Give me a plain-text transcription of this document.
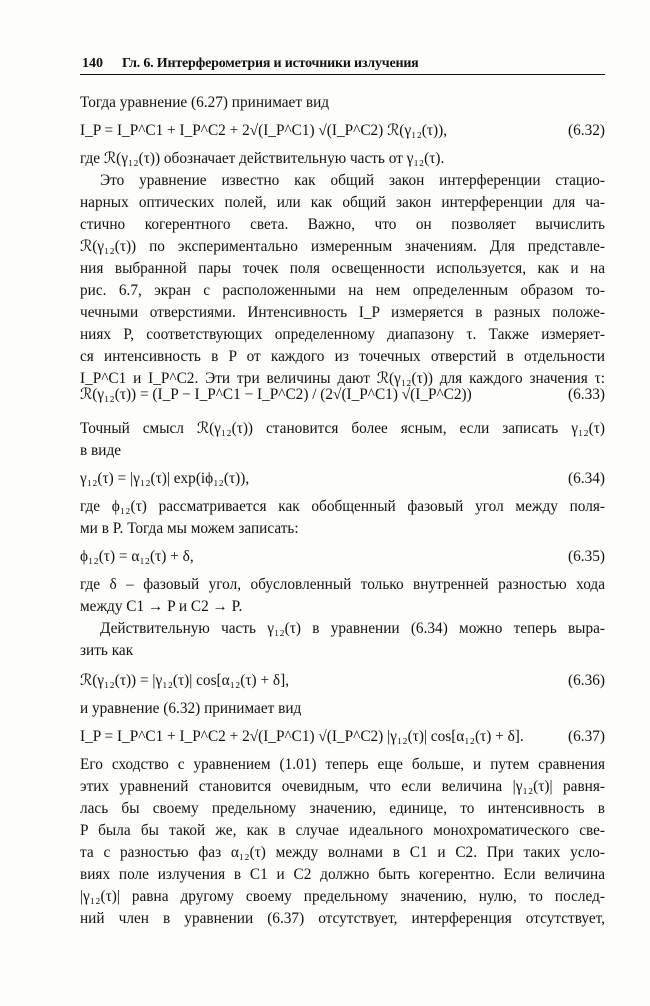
140 Гл. 6. Интерферометрия и источники излучения
Тогда уравнение (6.27) принимает вид
I_P = I_P^C1 + I_P^C2 + 2√(I_P^C1) √(I_P^C2) ℛ(γ₁₂(τ)),	(6.32)
где ℛ(γ₁₂(τ)) обозначает действительную часть от γ₁₂(τ).
Это уравнение известно как общий закон интерференции стацио-
нарных оптических полей, или как общий закон интерференции для ча-
стично когерентного света. Важно, что он позволяет вычислить
ℛ(γ₁₂(τ)) по экспериментально измеренным значениям. Для представле-
ния выбранной пары точек поля освещенности используется, как и на
рис. 6.7, экран с расположенными на нем определенным образом то-
чечными отверстиями. Интенсивность I_P измеряется в разных положе-
ниях P, соответствующих определенному диапазону τ. Также измеряет-
ся интенсивность в P от каждого из точечных отверстий в отдельности
I_P^C1 и I_P^C2. Эти три величины дают ℛ(γ₁₂(τ)) для каждого значения τ:
ℛ(γ₁₂(τ)) = (I_P − I_P^C1 − I_P^C2) / (2√(I_P^C1) √(I_P^C2))	(6.33)
Точный смысл ℛ(γ₁₂(τ)) становится более ясным, если записать γ₁₂(τ)
в виде
γ₁₂(τ) = |γ₁₂(τ)| exp(iϕ₁₂(τ)),	(6.34)
где ϕ₁₂(τ) рассматривается как обобщенный фазовый угол между поля-
ми в P. Тогда мы можем записать:
ϕ₁₂(τ) = α₁₂(τ) + δ,	(6.35)
где δ – фазовый угол, обусловленный только внутренней разностью хода
между C1 → P и C2 → P.
Действительную часть γ₁₂(τ) в уравнении (6.34) можно теперь выра-
зить как
ℛ(γ₁₂(τ)) = |γ₁₂(τ)| cos[α₁₂(τ) + δ],	(6.36)
и уравнение (6.32) принимает вид
I_P = I_P^C1 + I_P^C2 + 2√(I_P^C1) √(I_P^C2) |γ₁₂(τ)| cos[α₁₂(τ) + δ].	(6.37)
Его сходство с уравнением (1.01) теперь еще больше, и путем сравнения
этих уравнений становится очевидным, что если величина |γ₁₂(τ)| равня-
лась бы своему предельному значению, единице, то интенсивность в
P была бы такой же, как в случае идеального монохроматического све-
та с разностью фаз α₁₂(τ) между волнами в C1 и C2. При таких усло-
виях поле излучения в C1 и C2 должно быть когерентно. Если величина
|γ₁₂(τ)| равна другому своему предельному значению, нулю, то послед-
ний член в уравнении (6.37) отсутствует, интерференция отсутствует,
